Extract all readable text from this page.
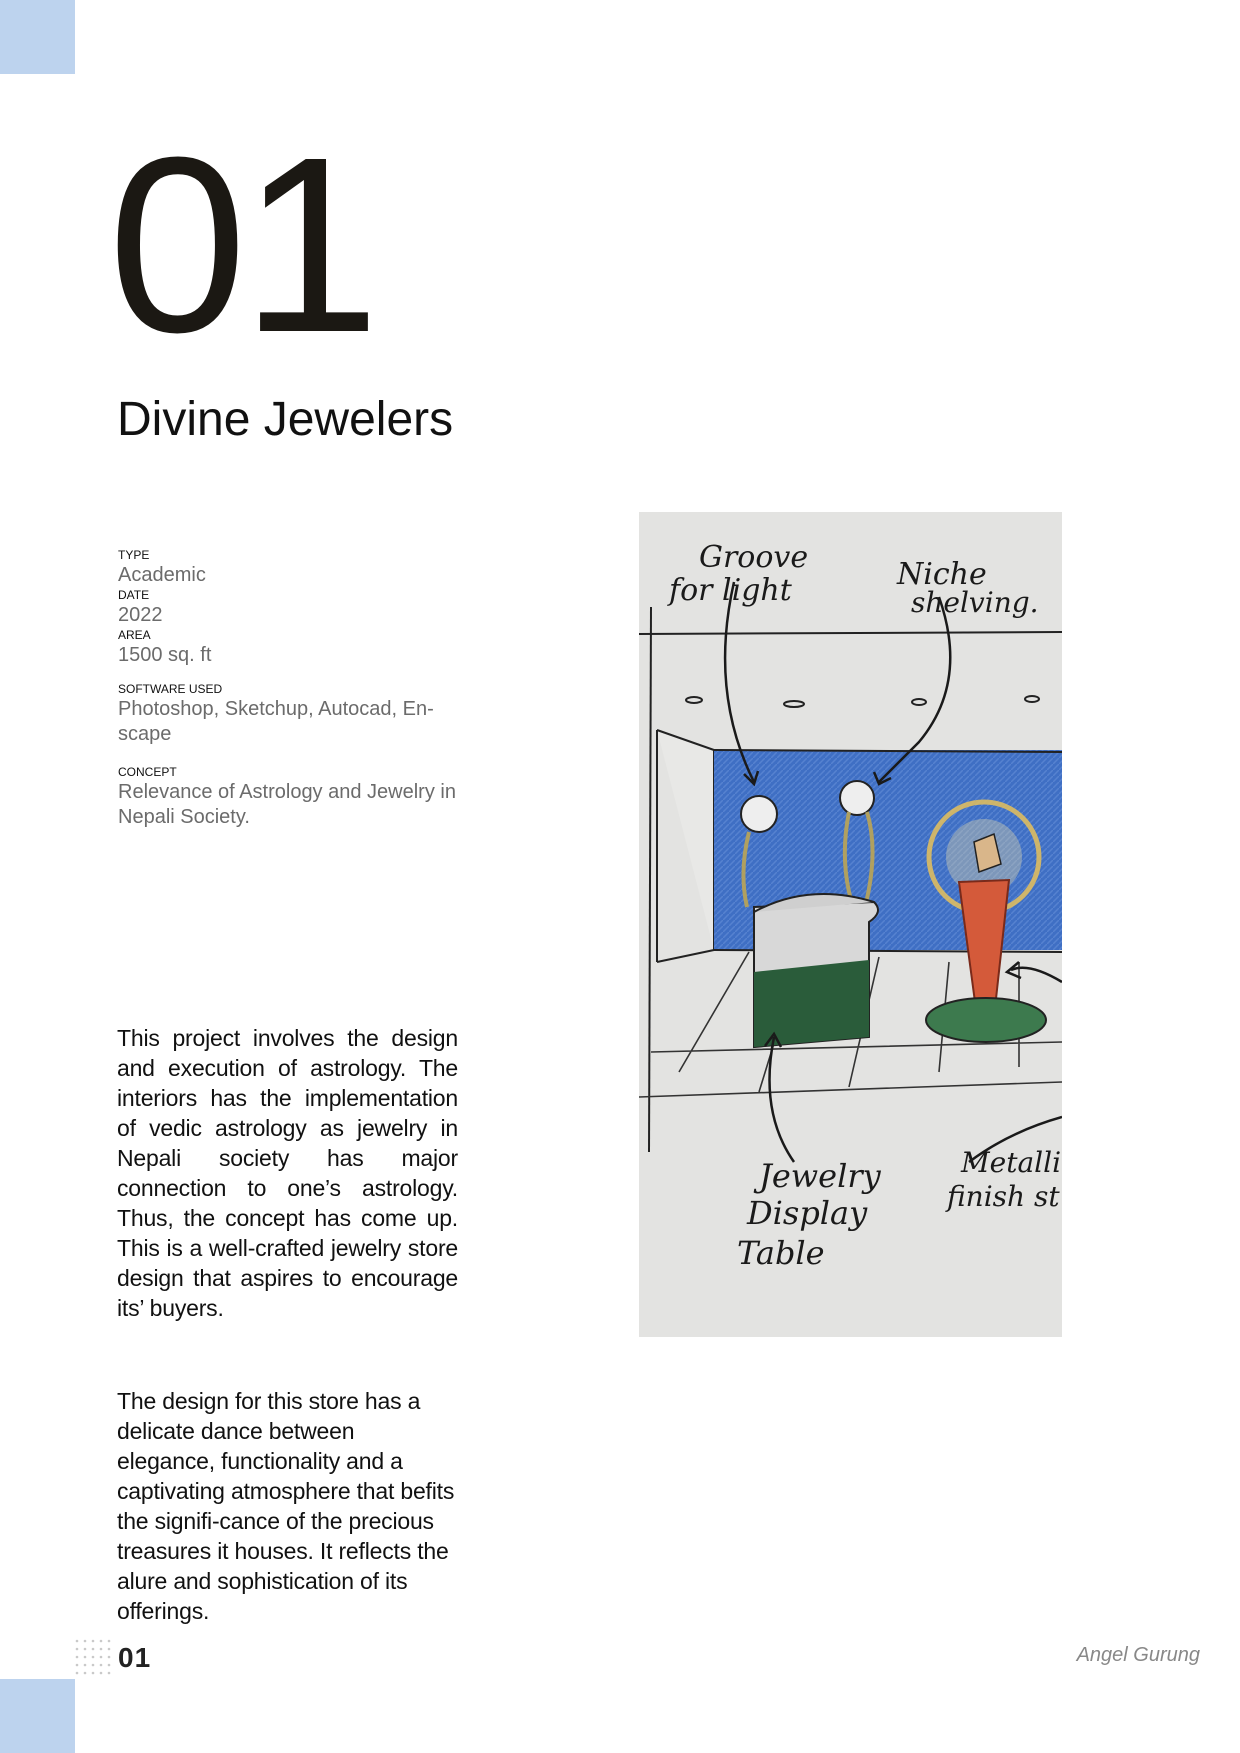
01
Divine Jewelers
TYPE
Academic
DATE
2022
AREA
1500 sq. ft
SOFTWARE USED
Photoshop, Sketchup, Autocad, En-
scape
CONCEPT
Relevance of Astrology and Jewelry in Nepali Society.
This project involves the design and execution of astrology. The interiors has the implementation of vedic astrology as jewelry in Nepali society has major connection to one’s astrology. Thus, the concept has come up. This is a well-crafted jewelry store design that aspires to encourage its’ buyers.
The design for this store has a delicate dance between elegance, functionality and a captivating atmosphere that befits the signifi-cance of the precious treasures it houses. It reflects the alure and sophistication of its offerings.
Groove
for light	Niche
shelving.
Jewelry
Display
Table
Metalli
finish st
01	Angel Gurung
